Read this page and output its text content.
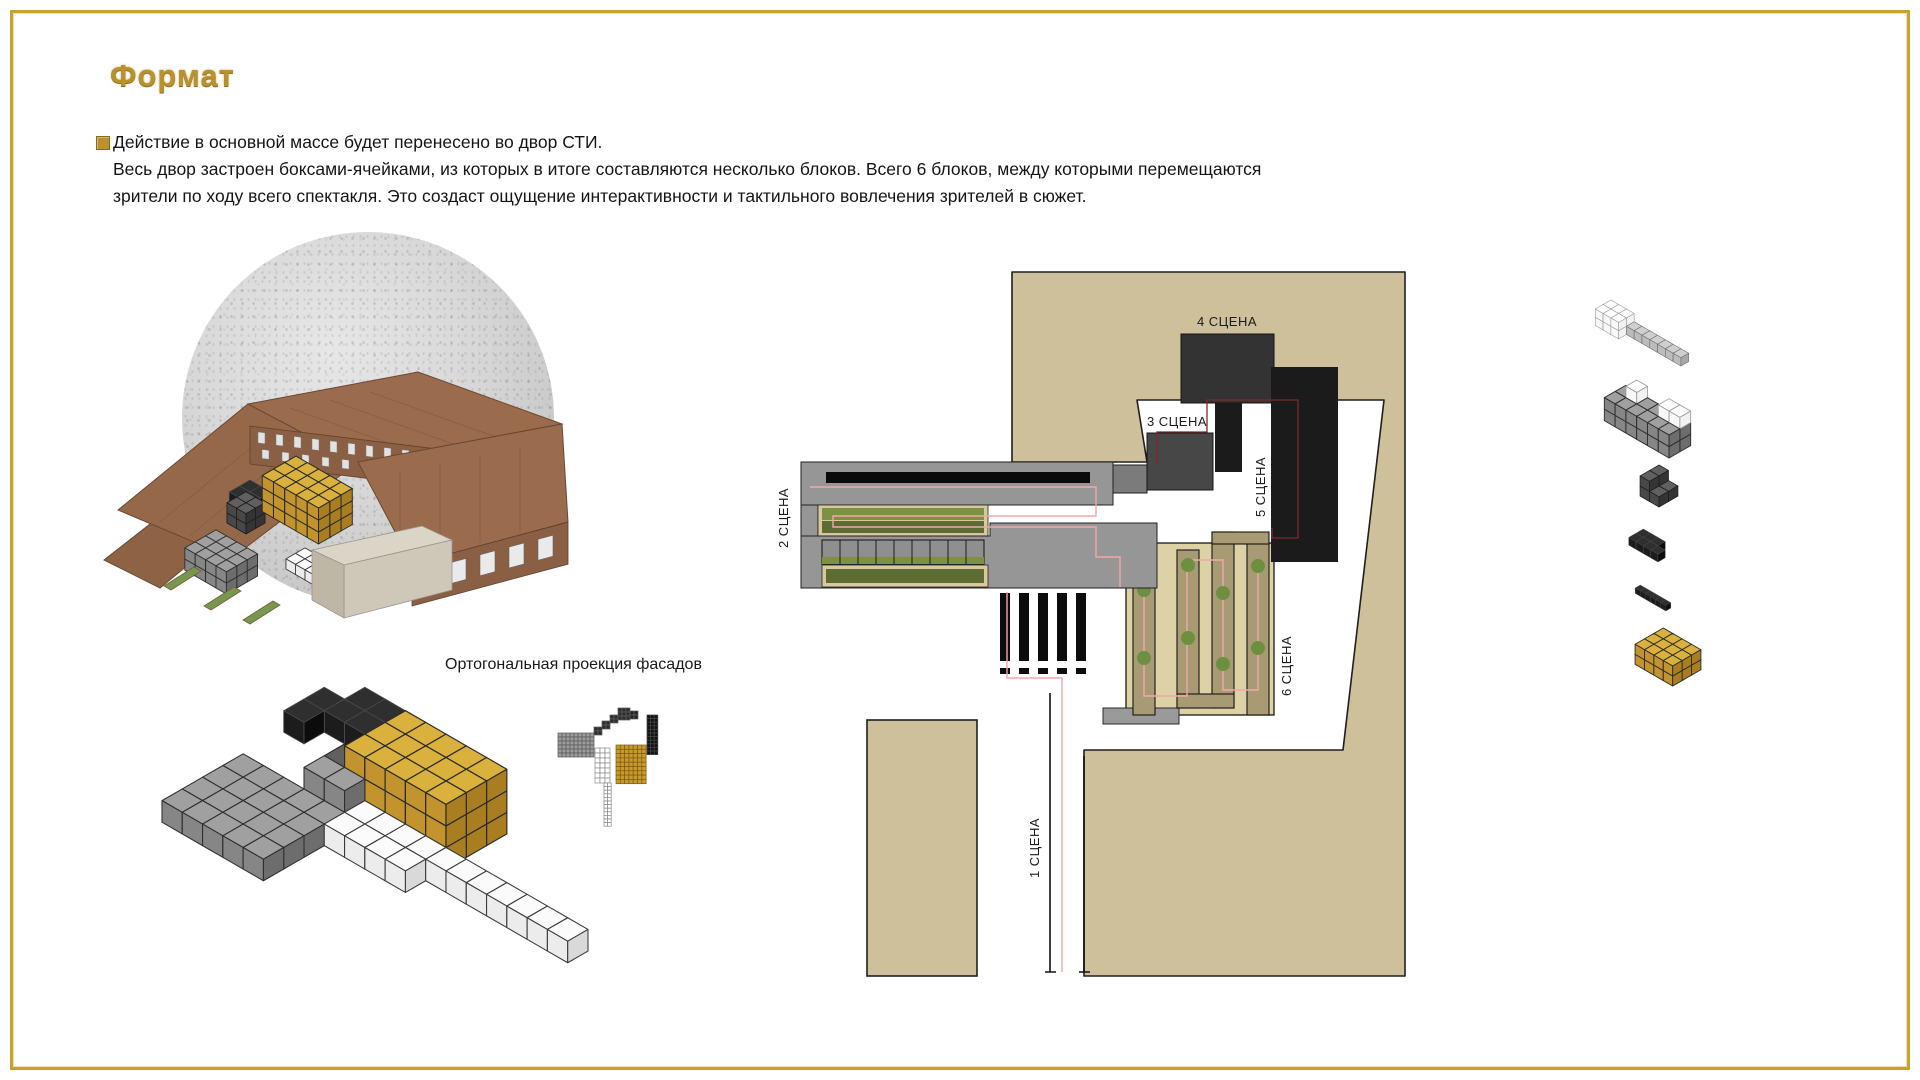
Формат
Действие в основной массе будет перенесено во двор СТИ.
Весь двор застроен боксами-ячейками, из которых в итоге составляются несколько блоков. Всего 6 блоков, между которыми перемещаются
зрители по ходу всего спектакля. Это создаст ощущение интерактивности и тактильного вовлечения зрителей в сюжет.
Ортогональная проекция фасадов
4 СЦЕНА
3 СЦЕНА
2 СЦЕНА
5 СЦЕНА
6 СЦЕНА
1 СЦЕНА
